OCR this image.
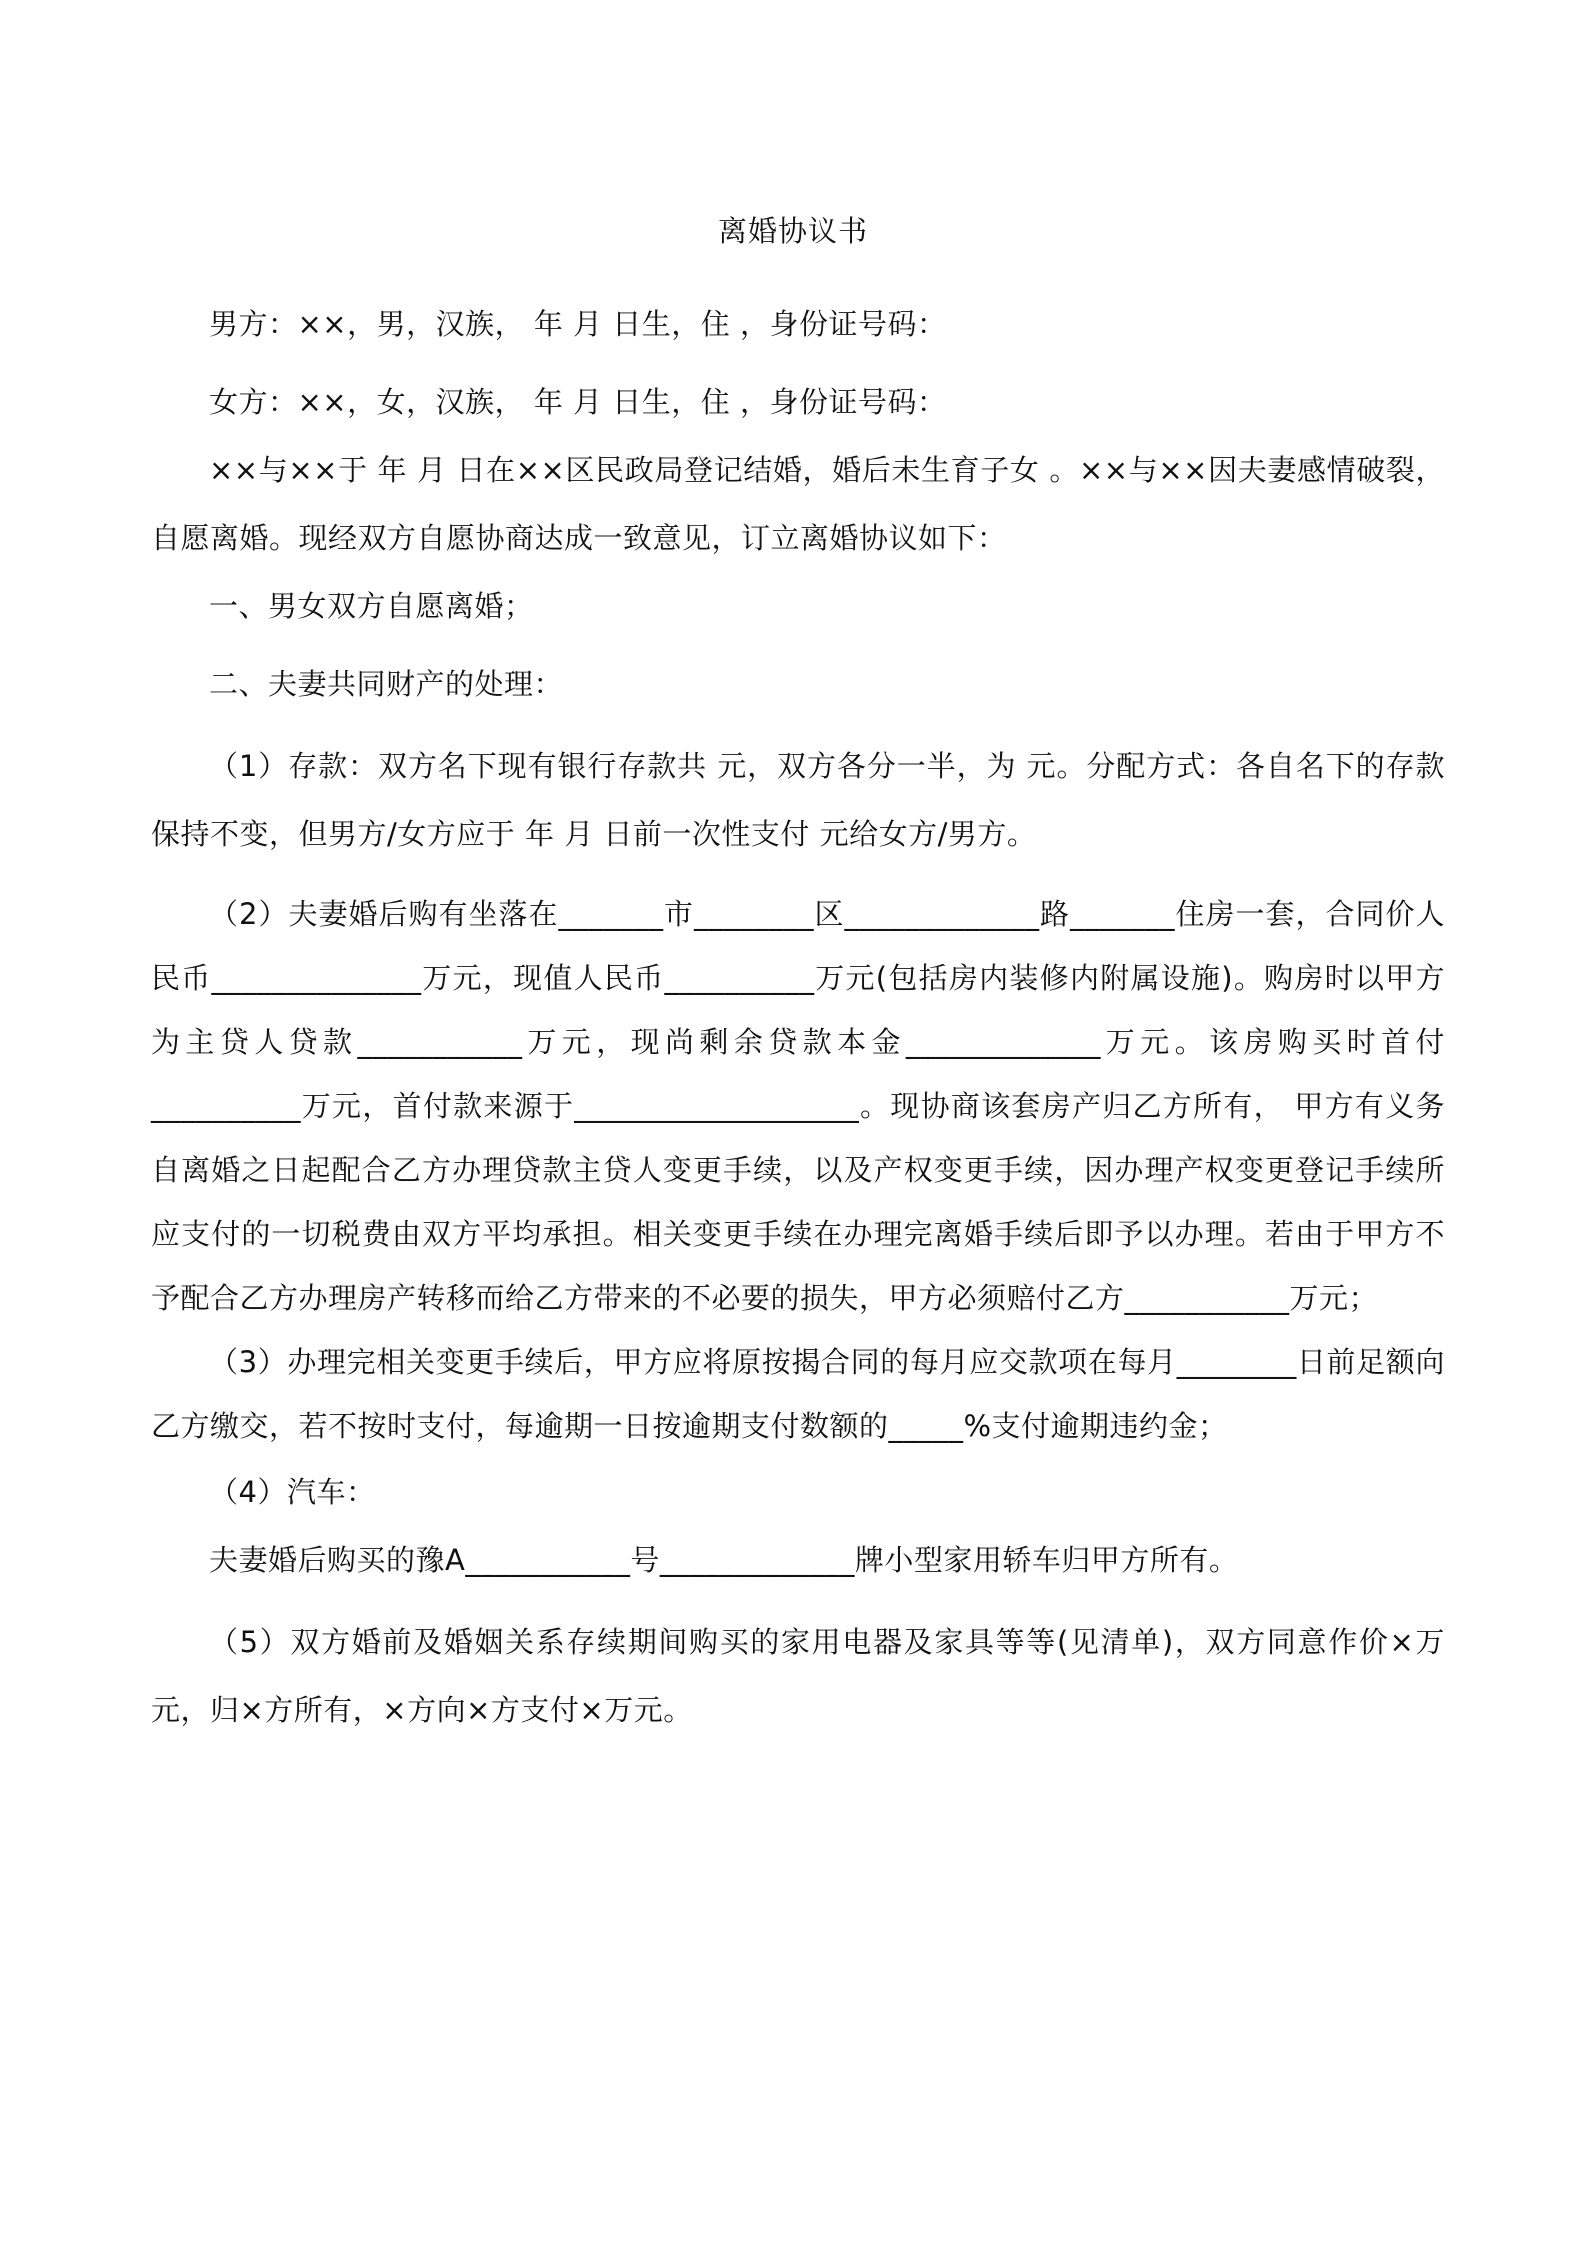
离婚协议书

男方：××，男，汉族， 年 月 日生，住 ，身份证号码：

女方：××，女，汉族， 年 月 日生，住 ，身份证号码：

××与××于 年 月 日在××区民政局登记结婚，婚后未生育子女 。××与××因夫妻感情破裂，自愿离婚。现经双方自愿协商达成一致意见，订立离婚协议如下：

一、男女双方自愿离婚；

二、夫妻共同财产的处理：

（1）存款：双方名下现有银行存款共 元，双方各分一半，为 元。分配方式：各自名下的存款保持不变，但男方/女方应于 年 月 日前一次性支付 元给女方/男方。

（2）夫妻婚后购有坐落在_______市________区_____________路_______住房一套，合同价人民币______________万元，现值人民币__________万元(包括房内装修内附属设施)。购房时以甲方为主贷人贷款___________万元，现尚剩余贷款本金_____________万元。该房购买时首付__________万元，首付款来源于___________________。现协商该套房产归乙方所有， 甲方有义务自离婚之日起配合乙方办理贷款主贷人变更手续，以及产权变更手续，因办理产权变更登记手续所应支付的一切税费由双方平均承担。相关变更手续在办理完离婚手续后即予以办理。若由于甲方不予配合乙方办理房产转移而给乙方带来的不必要的损失，甲方必须赔付乙方___________万元；

（3）办理完相关变更手续后，甲方应将原按揭合同的每月应交款项在每月________日前足额向乙方缴交，若不按时支付，每逾期一日按逾期支付数额的_____%支付逾期违约金；

（4）汽车：

夫妻婚后购买的豫A___________号_____________牌小型家用轿车归甲方所有。

（5）双方婚前及婚姻关系存续期间购买的家用电器及家具等等(见清单)，双方同意作价×万元，归×方所有，×方向×方支付×万元。
